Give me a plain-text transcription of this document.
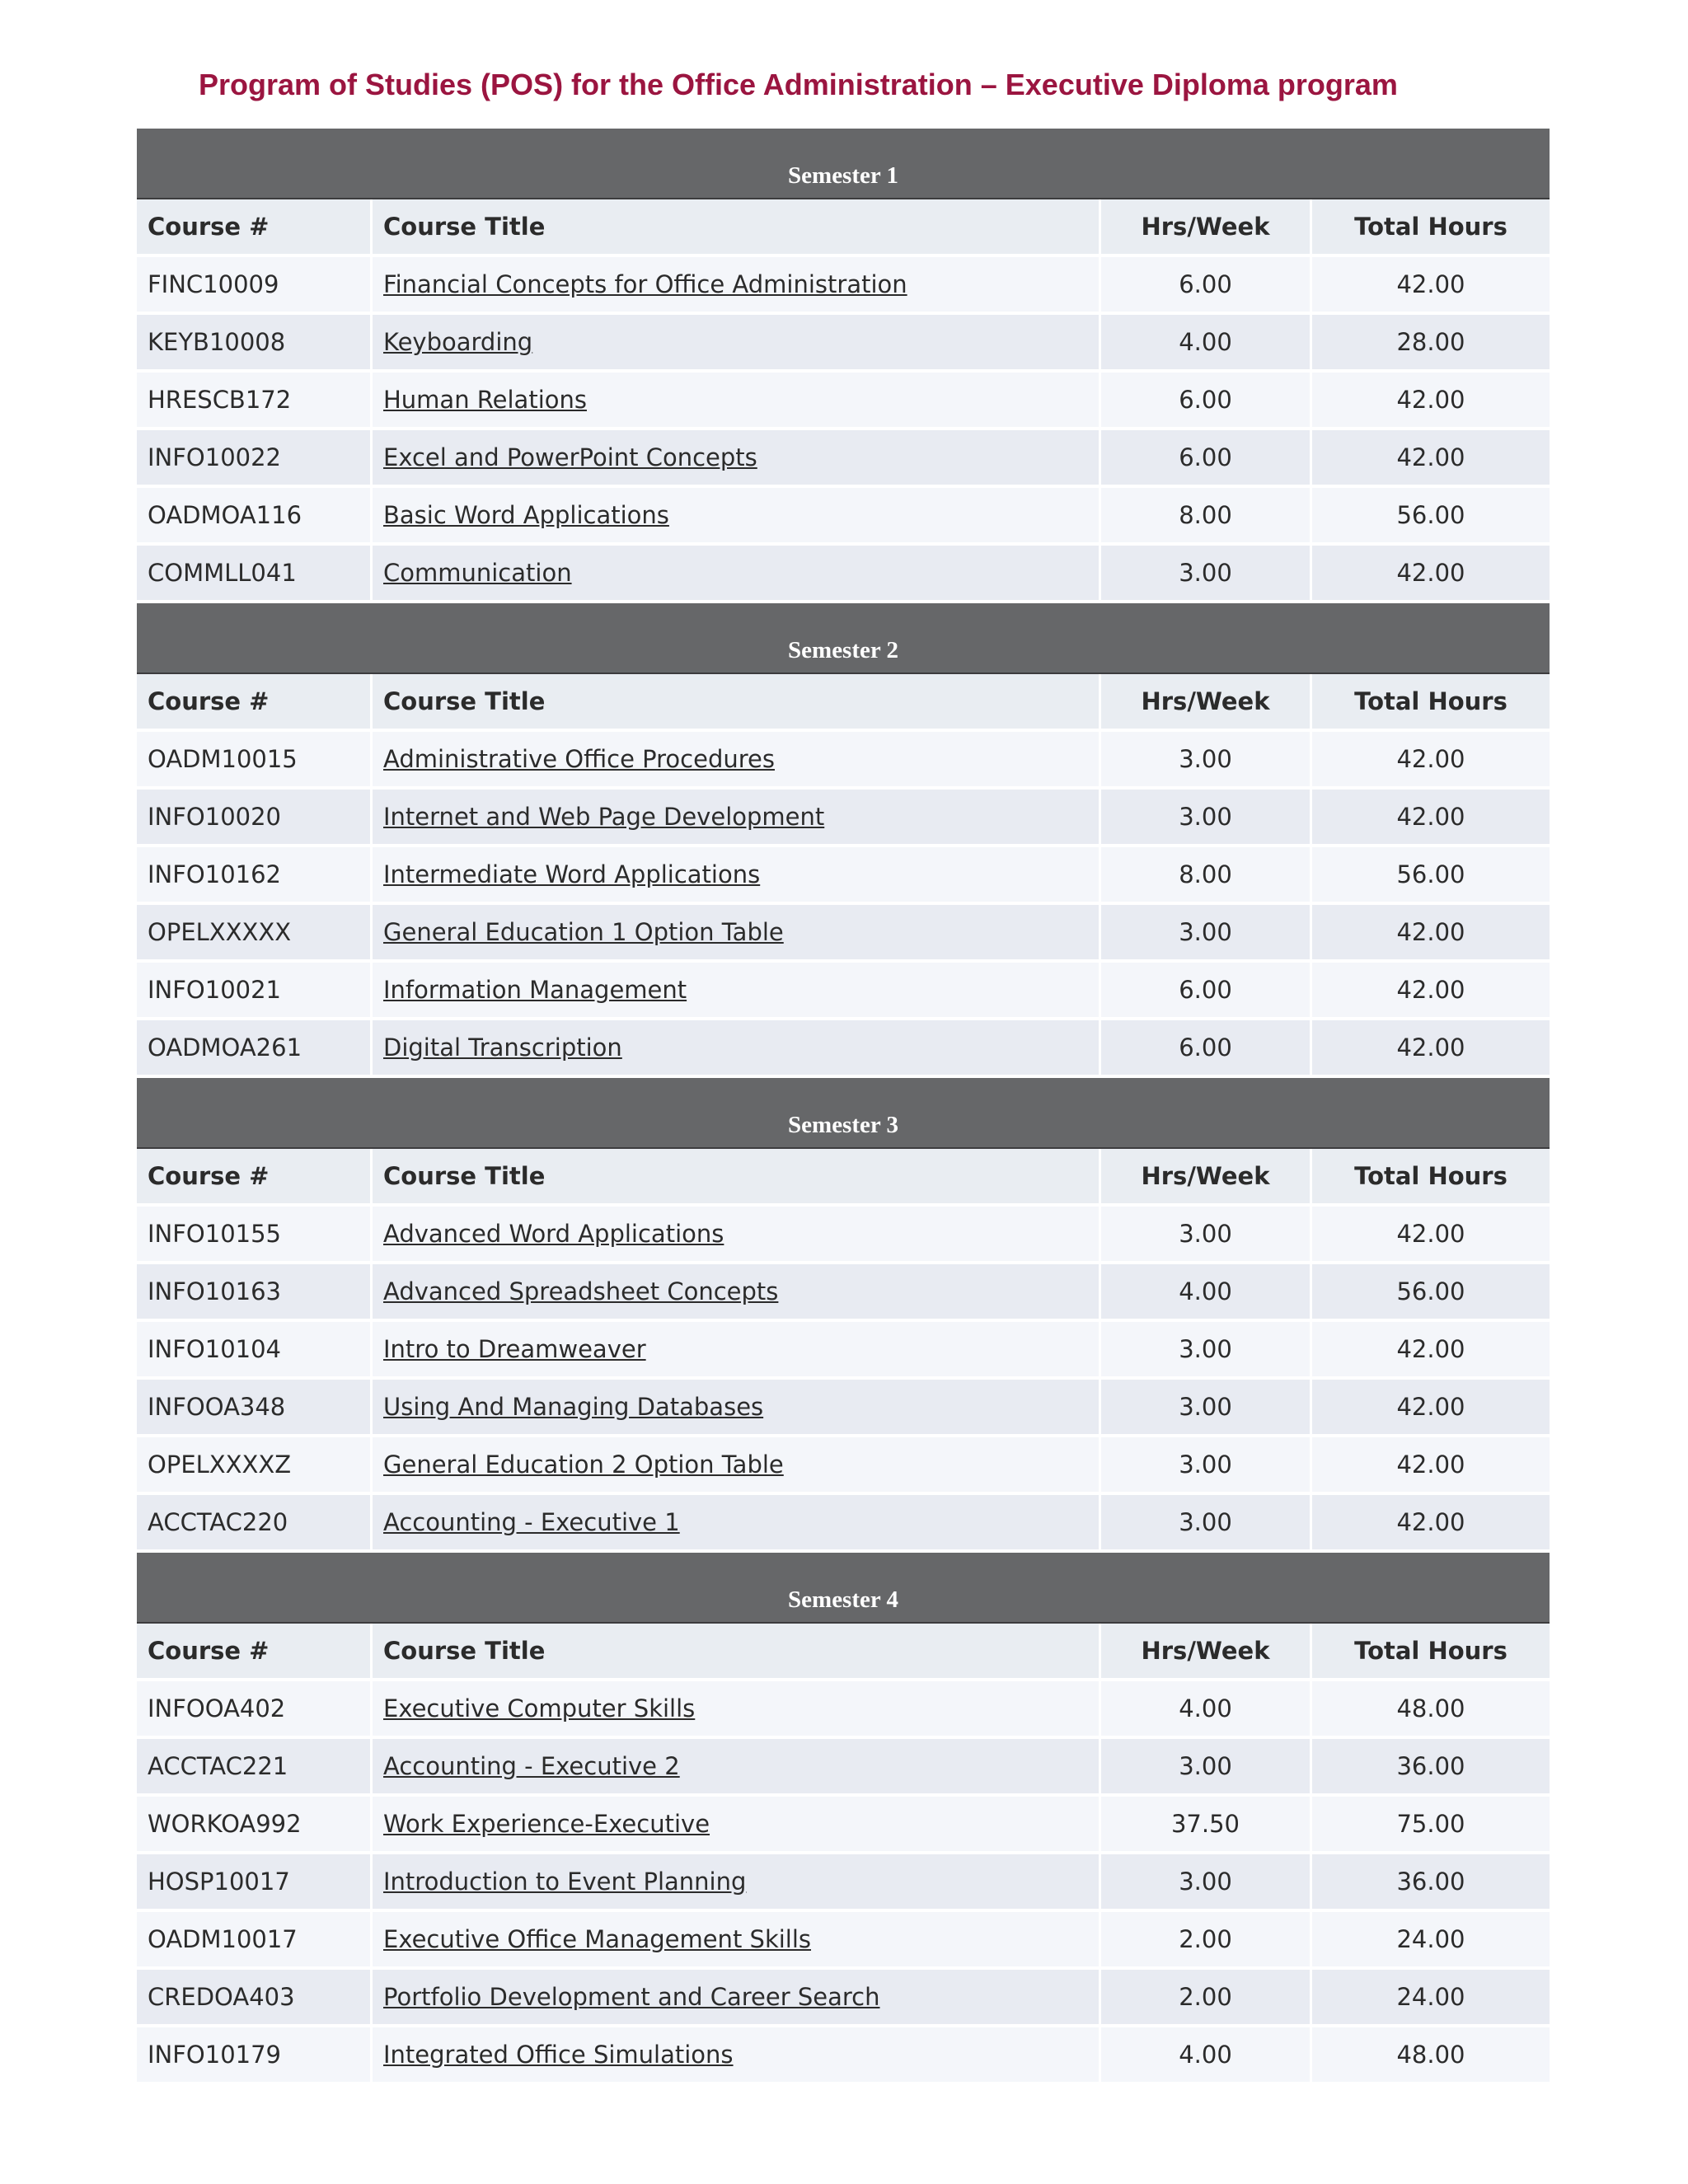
Program of Studies (POS) for the Office Administration – Executive Diploma program
Semester 1			
Course #	Course Title	Hrs/Week	Total Hours
FINC10009	Financial Concepts for Office Administration	6.00	42.00
KEYB10008	Keyboarding	4.00	28.00
HRESCB172	Human Relations	6.00	42.00
INFO10022	Excel and PowerPoint Concepts	6.00	42.00
OADMOA116	Basic Word Applications	8.00	56.00
COMMLL041	Communication	3.00	42.00
Semester 2			
Course #	Course Title	Hrs/Week	Total Hours
OADM10015	Administrative Office Procedures	3.00	42.00
INFO10020	Internet and Web Page Development	3.00	42.00
INFO10162	Intermediate Word Applications	8.00	56.00
OPELXXXXX	General Education 1 Option Table	3.00	42.00
INFO10021	Information Management	6.00	42.00
OADMOA261	Digital Transcription	6.00	42.00
Semester 3			
Course #	Course Title	Hrs/Week	Total Hours
INFO10155	Advanced Word Applications	3.00	42.00
INFO10163	Advanced Spreadsheet Concepts	4.00	56.00
INFO10104	Intro to Dreamweaver	3.00	42.00
INFOOA348	Using And Managing Databases	3.00	42.00
OPELXXXXZ	General Education 2 Option Table	3.00	42.00
ACCTAC220	Accounting - Executive 1	3.00	42.00
Semester 4			
Course #	Course Title	Hrs/Week	Total Hours
INFOOA402	Executive Computer Skills	4.00	48.00
ACCTAC221	Accounting - Executive 2	3.00	36.00
WORKOA992	Work Experience-Executive	37.50	75.00
HOSP10017	Introduction to Event Planning	3.00	36.00
OADM10017	Executive Office Management Skills	2.00	24.00
CREDOA403	Portfolio Development and Career Search	2.00	24.00
INFO10179	Integrated Office Simulations	4.00	48.00
